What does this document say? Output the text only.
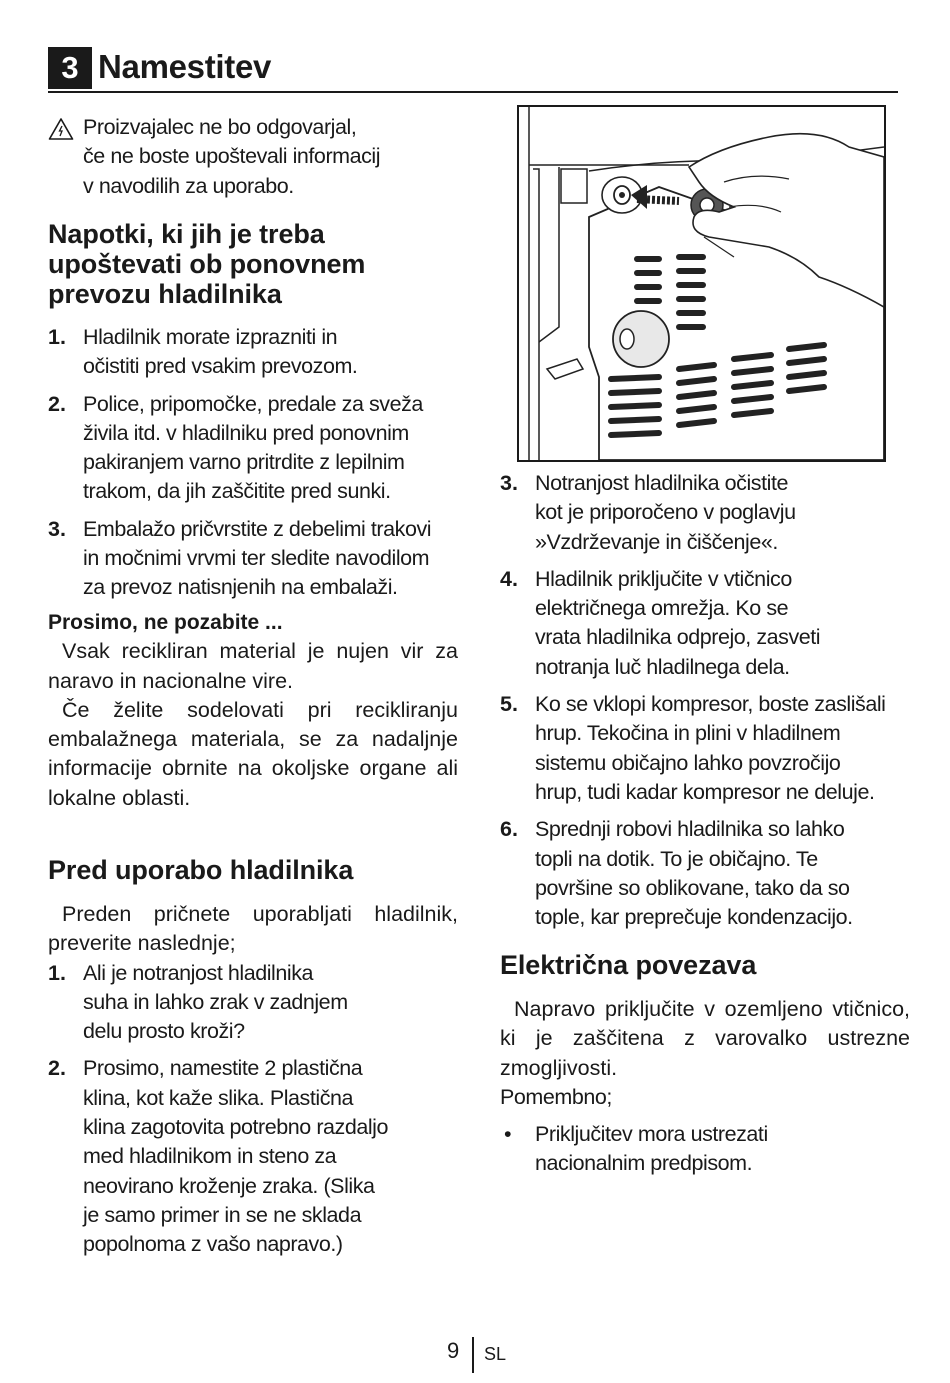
3 Namestitev
Proizvajalec ne bo odgovarjal,
če ne boste upoštevali informacij
v navodilih za uporabo.
Napotki, ki jih je treba
upoštevati ob ponovnem
prevozu hladilnika
1. Hladilnik morate izprazniti in
očistiti pred vsakim prevozom.
2. Police, pripomočke, predale za sveža
živila itd. v hladilniku pred ponovnim
pakiranjem varno pritrdite z lepilnim
trakom, da jih zaščitite pred sunki.
3. Embalažo pričvrstite z debelimi trakovi
in močnimi vrvmi ter sledite navodilom
za prevoz natisnjenih na embalaži.
Prosimo, ne pozabite ...
Vsak recikliran material je nujen vir za naravo in nacionalne vire.
Če želite sodelovati pri recikliranju embalažnega materiala, se za nadaljnje informacije obrnite na okoljske organe ali lokalne oblasti.
Pred uporabo hladilnika
Preden pričnete uporabljati hladilnik, preverite naslednje;
1. Ali je notranjost hladilnika
suha in lahko zrak v zadnjem
delu prosto kroži?
2. Prosimo, namestite 2 plastična
klina, kot kaže slika. Plastična
klina zagotovita potrebno razdaljo
med hladilnikom in steno za
neovirano kroženje zraka. (Slika
je samo primer in se ne sklada
popolnoma z vašo napravo.)
3. Notranjost hladilnika očistite
kot je priporočeno v poglavju
»Vzdrževanje in čiščenje«.
4. Hladilnik priključite v vtičnico
električnega omrežja. Ko se
vrata hladilnika odprejo, zasveti
notranja luč hladilnega dela.
5. Ko se vklopi kompresor, boste zaslišali
hrup. Tekočina in plini v hladilnem
sistemu običajno lahko povzročijo
hrup, tudi kadar kompresor ne deluje.
6. Sprednji robovi hladilnika so lahko
topli na dotik. To je običajno. Te
površine so oblikovane, tako da so
tople, kar preprečuje kondenzacijo.
Električna povezava
Napravo priključite v ozemljeno vtičnico, ki je zaščitena z varovalko ustrezne zmogljivosti.
Pomembno;
• Priključitev mora ustrezati
nacionalnim predpisom.
9 SL
